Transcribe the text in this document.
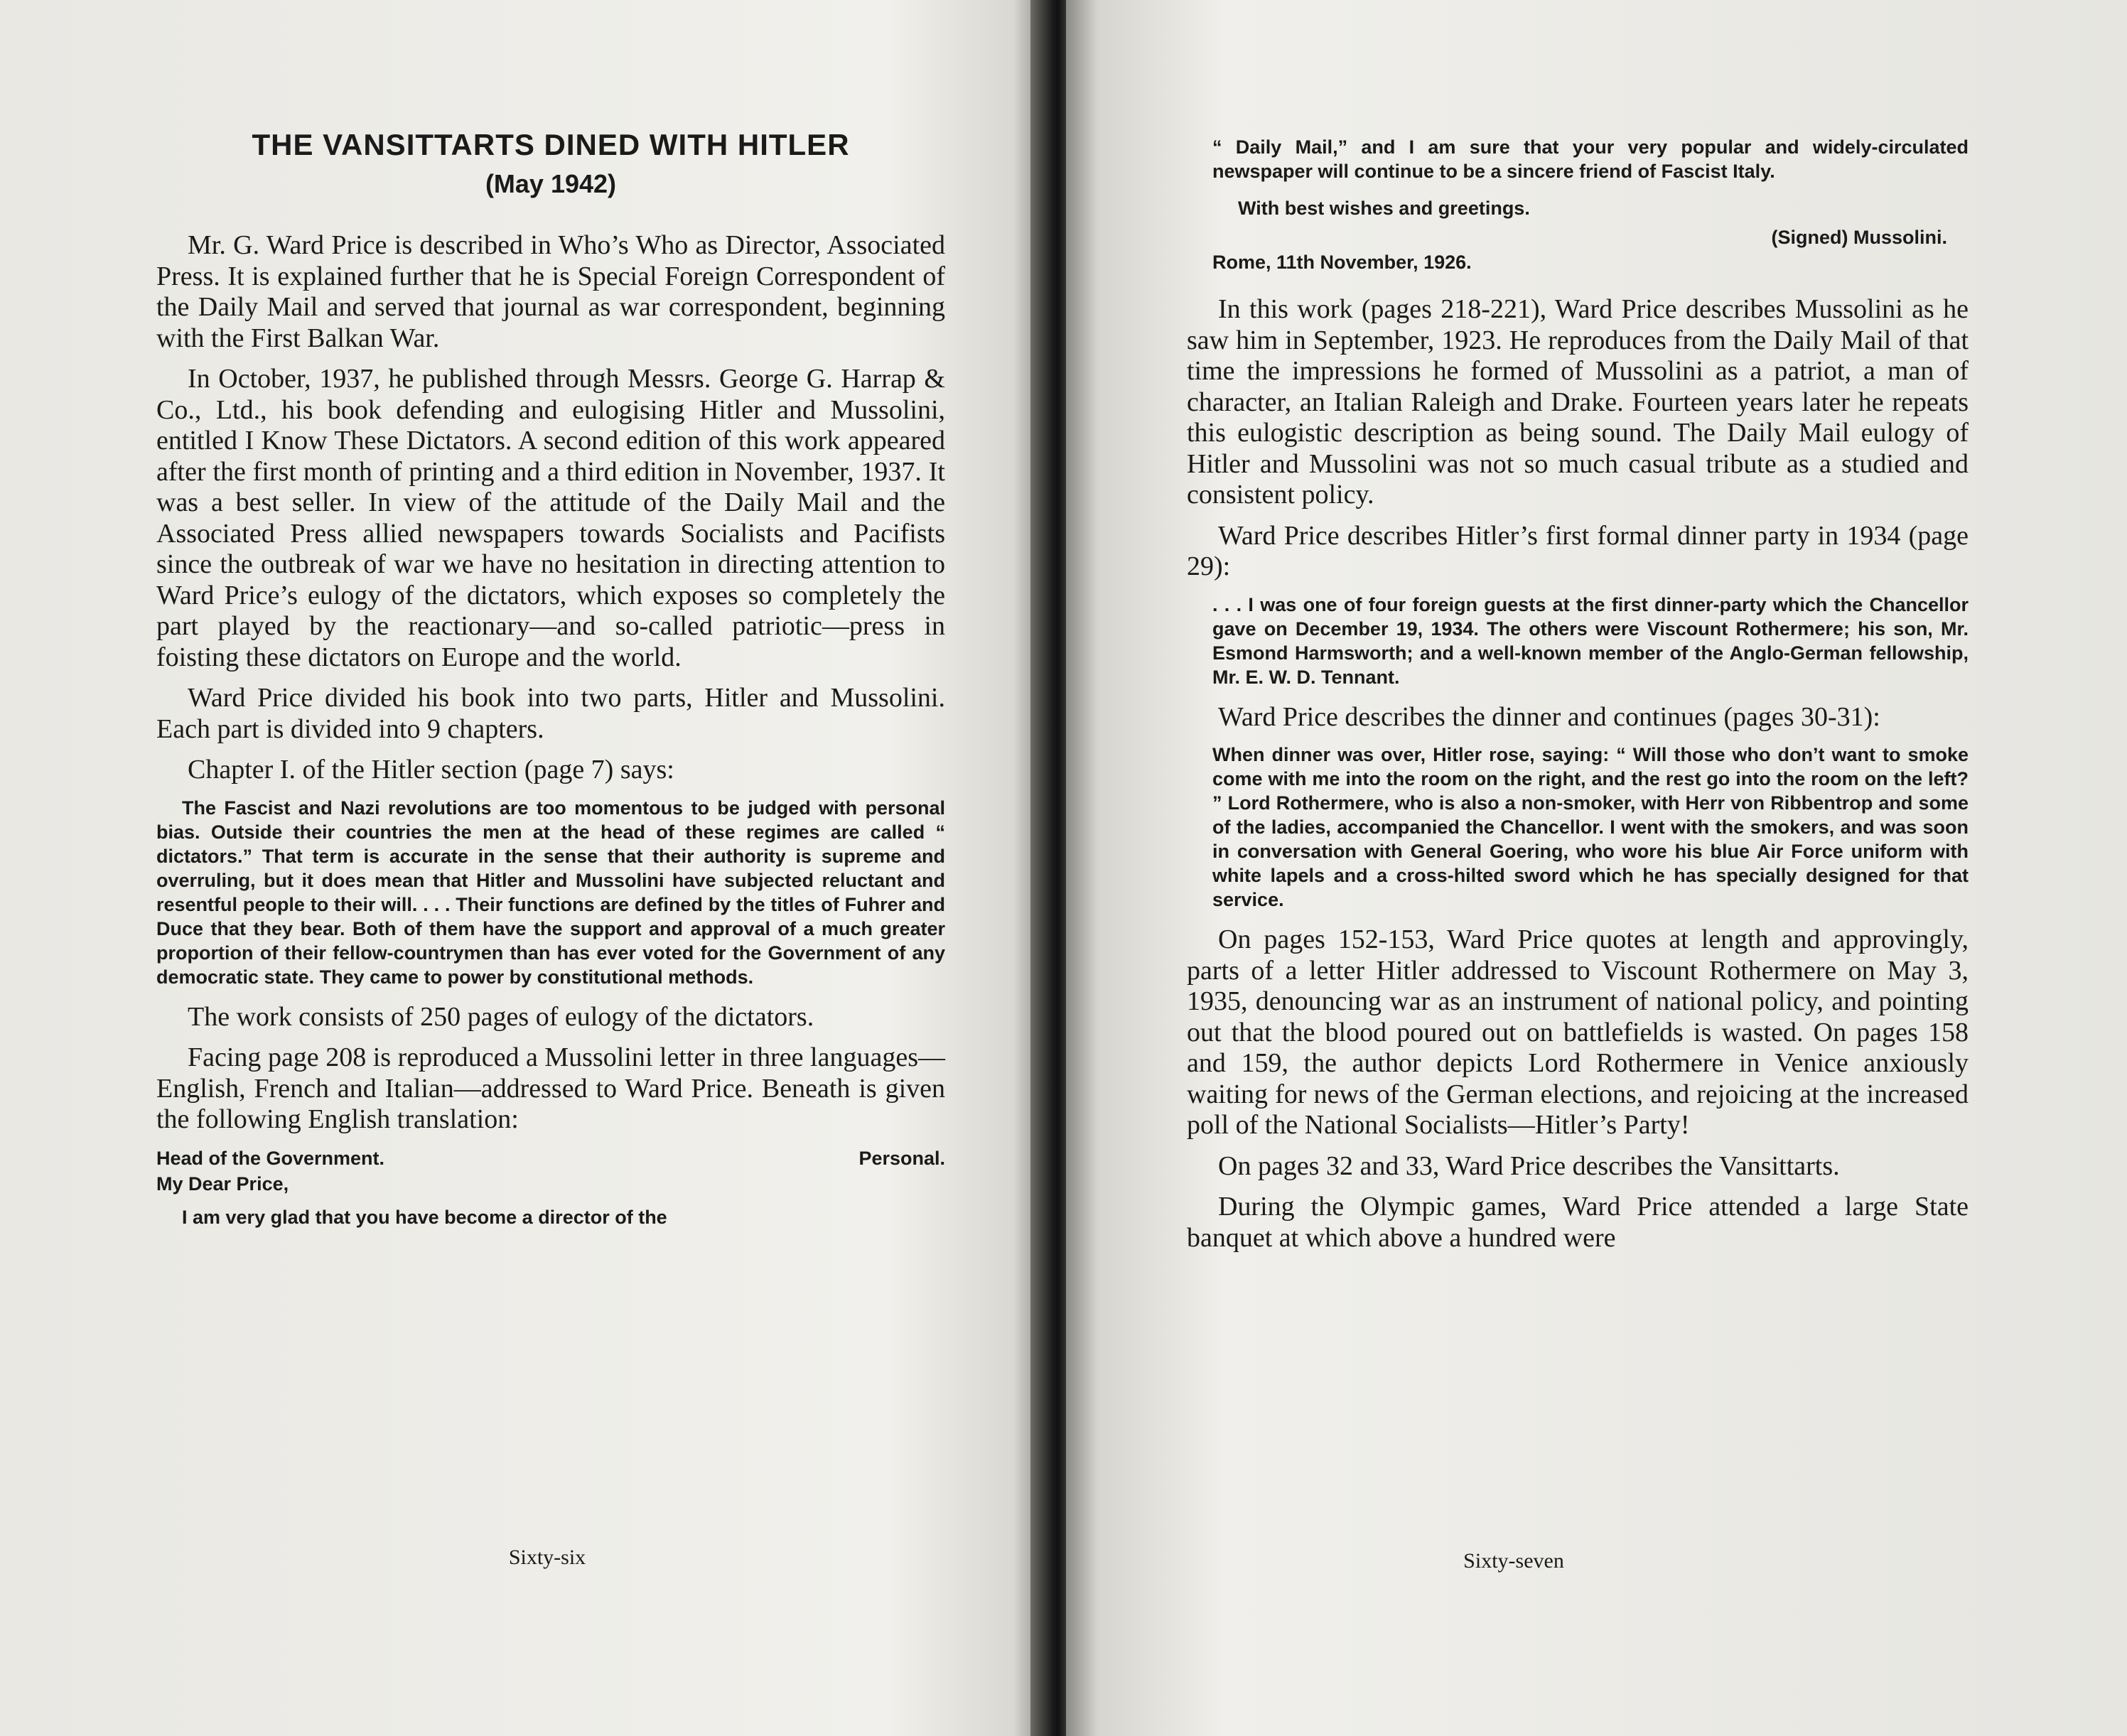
THE VANSITTARTS DINED WITH HITLER
(May 1942)

Mr. G. Ward Price is described in Who’s Who as Director, Associated Press. It is explained further that he is Special Foreign Correspondent of the Daily Mail and served that journal as war correspondent, beginning with the First Balkan War.

In October, 1937, he published through Messrs. George G. Harrap & Co., Ltd., his book defending and eulogising Hitler and Mussolini, entitled I Know These Dictators. A second edition of this work appeared after the first month of printing and a third edition in November, 1937. It was a best seller. In view of the attitude of the Daily Mail and the Associated Press allied newspapers towards Socialists and Pacifists since the outbreak of war we have no hesitation in directing attention to Ward Price’s eulogy of the dictators, which exposes so completely the part played by the reactionary—and so-called patriotic—press in foisting these dictators on Europe and the world.

Ward Price divided his book into two parts, Hitler and Mussolini. Each part is divided into 9 chapters.

Chapter I. of the Hitler section (page 7) says:

The Fascist and Nazi revolutions are too momentous to be judged with personal bias. Outside their countries the men at the head of these regimes are called “ dictators.” That term is accurate in the sense that their authority is supreme and overruling, but it does mean that Hitler and Mussolini have subjected reluctant and resentful people to their will. . . . Their functions are defined by the titles of Fuhrer and Duce that they bear. Both of them have the support and approval of a much greater proportion of their fellow-countrymen than has ever voted for the Government of any democratic state. They came to power by constitutional methods.

The work consists of 250 pages of eulogy of the dictators.

Facing page 208 is reproduced a Mussolini letter in three languages—English, French and Italian—addressed to Ward Price. Beneath is given the following English translation:

Head of the Government.	Personal.
My Dear Price,
I am very glad that you have become a director of the
Sixty-six
“ Daily Mail,” and I am sure that your very popular and widely-circulated newspaper will continue to be a sincere friend of Fascist Italy.
With best wishes and greetings.
(Signed) Mussolini.
Rome, 11th November, 1926.

In this work (pages 218-221), Ward Price describes Mussolini as he saw him in September, 1923. He reproduces from the Daily Mail of that time the impressions he formed of Mussolini as a patriot, a man of character, an Italian Raleigh and Drake. Fourteen years later he repeats this eulogistic description as being sound. The Daily Mail eulogy of Hitler and Mussolini was not so much casual tribute as a studied and consistent policy.

Ward Price describes Hitler’s first formal dinner party in 1934 (page 29):

. . . I was one of four foreign guests at the first dinner-party which the Chancellor gave on December 19, 1934. The others were Viscount Rothermere; his son, Mr. Esmond Harmsworth; and a well-known member of the Anglo-German fellowship, Mr. E. W. D. Tennant.

Ward Price describes the dinner and continues (pages 30-31):

When dinner was over, Hitler rose, saying: “ Will those who don’t want to smoke come with me into the room on the right, and the rest go into the room on the left? ” Lord Rothermere, who is also a non-smoker, with Herr von Ribbentrop and some of the ladies, accompanied the Chancellor. I went with the smokers, and was soon in conversation with General Goering, who wore his blue Air Force uniform with white lapels and a cross-hilted sword which he has specially designed for that service.

On pages 152-153, Ward Price quotes at length and approvingly, parts of a letter Hitler addressed to Viscount Rothermere on May 3, 1935, denouncing war as an instrument of national policy, and pointing out that the blood poured out on battlefields is wasted. On pages 158 and 159, the author depicts Lord Rothermere in Venice anxiously waiting for news of the German elections, and rejoicing at the increased poll of the National Socialists—Hitler’s Party!

On pages 32 and 33, Ward Price describes the Vansittarts.

During the Olympic games, Ward Price attended a large State banquet at which above a hundred were

Sixty-seven
